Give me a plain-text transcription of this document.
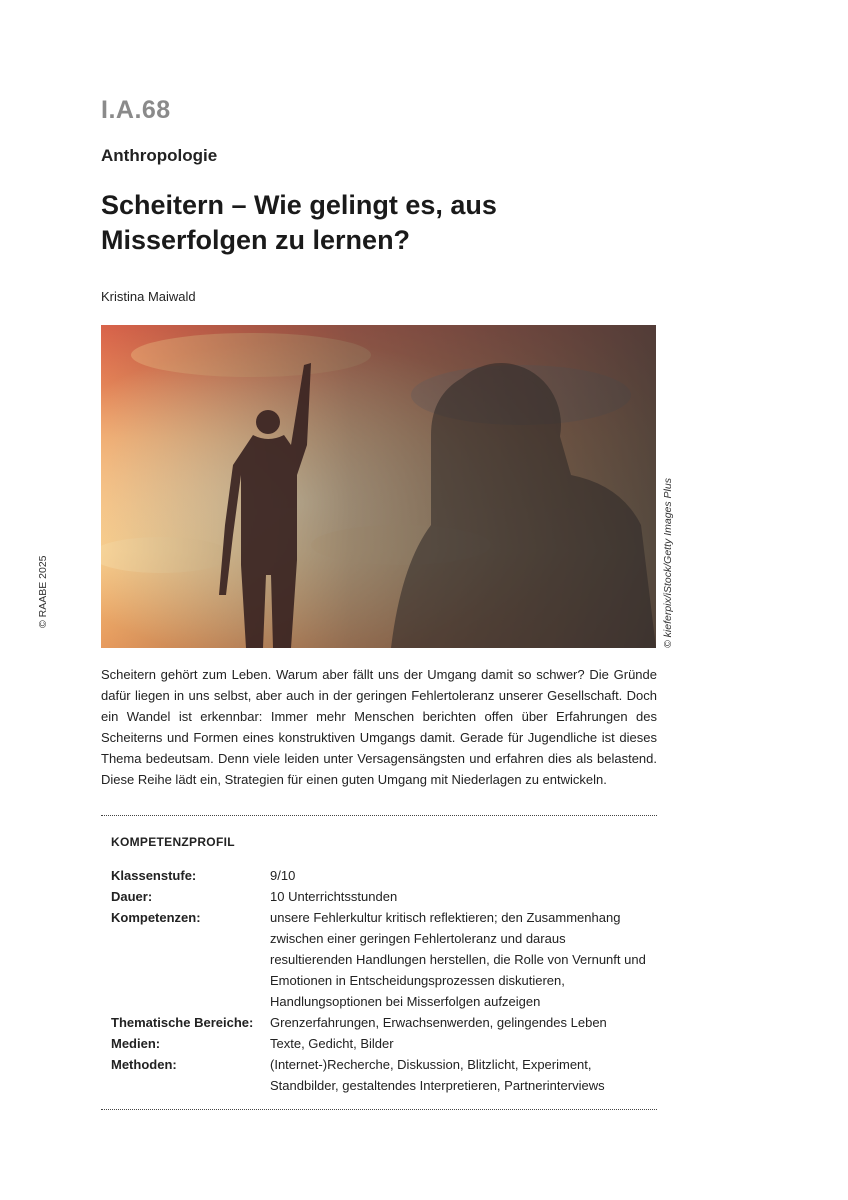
I.A.68
Anthropologie
Scheitern – Wie gelingt es, aus Misserfolgen zu lernen?
Kristina Maiwald
© kieferpix/iStock/Getty Images Plus
© RAABE 2025

Scheitern gehört zum Leben. Warum aber fällt uns der Umgang damit so schwer? Die Gründe dafür liegen in uns selbst, aber auch in der geringen Fehlertoleranz unserer Gesellschaft. Doch ein Wandel ist erkennbar: Immer mehr Menschen berichten offen über Erfahrungen des Scheiterns und Formen eines konstruktiven Umgangs damit. Gerade für Jugendliche ist dieses Thema bedeutsam. Denn viele leiden unter Versagensängsten und erfahren dies als belastend. Diese Reihe lädt ein, Strategien für einen guten Umgang mit Niederlagen zu entwickeln.

KOMPETENZPROFIL
Klassenstufe:	9/10
Dauer:	10 Unterrichtsstunden
Kompetenzen:	unsere Fehlerkultur kritisch reflektieren; den Zusammenhang zwischen einer geringen Fehlertoleranz und daraus resultierenden Handlungen herstellen, die Rolle von Vernunft und Emotionen in Entscheidungsprozessen diskutieren, Handlungsoptionen bei Misserfolgen aufzeigen
Thematische Bereiche:	Grenzerfahrungen, Erwachsenwerden, gelingendes Leben
Medien:	Texte, Gedicht, Bilder
Methoden:	(Internet-)Recherche, Diskussion, Blitzlicht, Experiment, Standbilder, gestaltendes Interpretieren, Partnerinterviews
